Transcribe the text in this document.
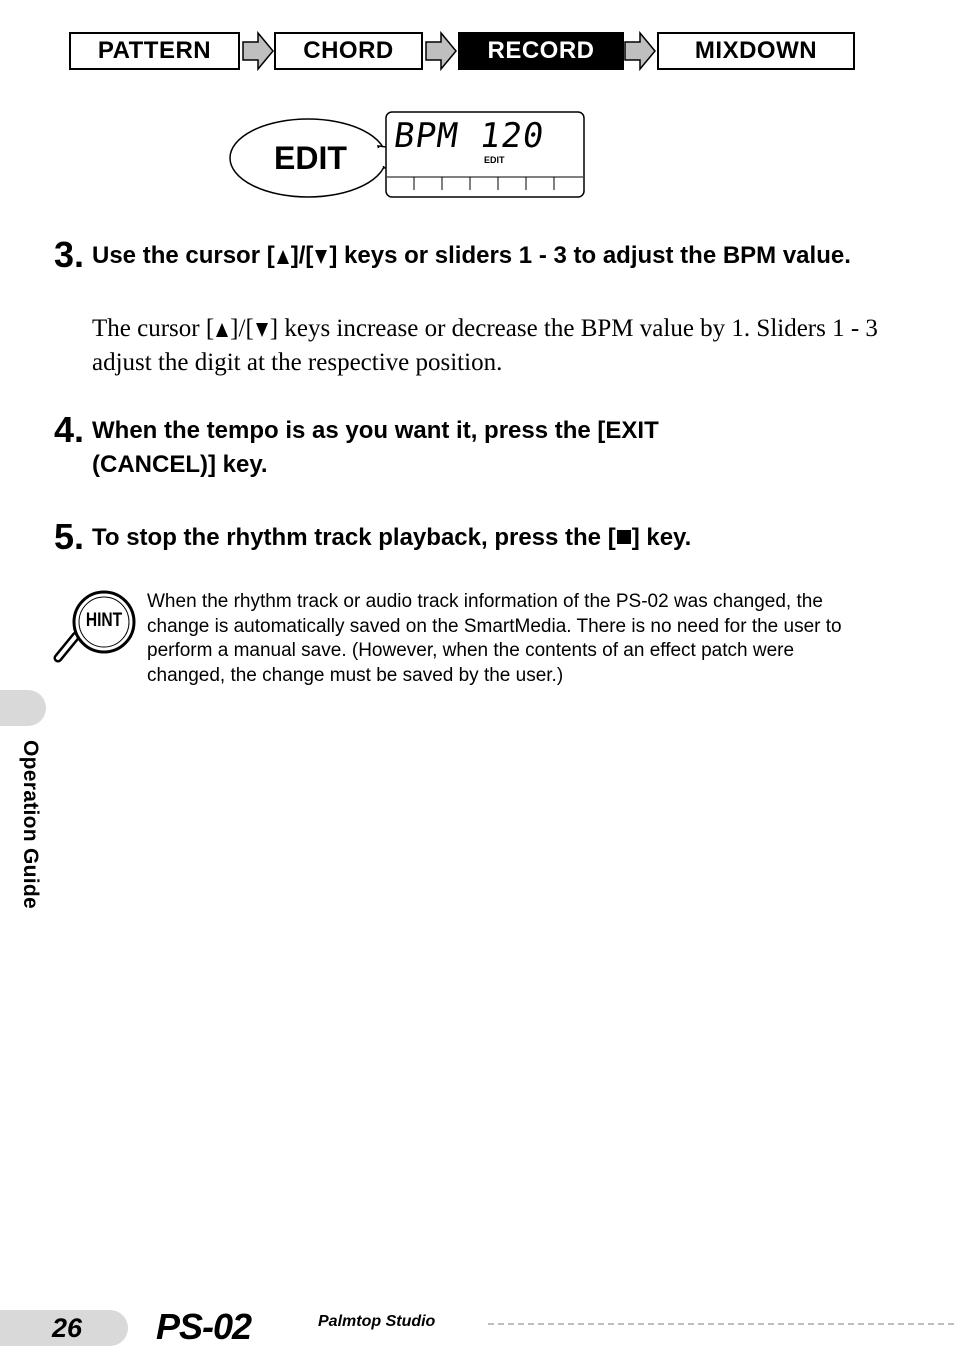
PATTERN	CHORD	RECORD	MIXDOWN
EDIT
BPM 120
EDIT
3. Use the cursor [ ]/[ ] keys or sliders 1 - 3 to adjust the BPM value.
The cursor [ ]/[ ] keys increase or decrease the BPM value by 1. Sliders 1 - 3 adjust the digit at the respective position.
4. When the tempo is as you want it, press the [EXIT (CANCEL)] key.
5. To stop the rhythm track playback, press the [ ] key.
HINT
When the rhythm track or audio track information of the PS-02 was changed, the change is automatically saved on the SmartMedia. There is no need for the user to perform a manual save. (However, when the contents of an effect patch were changed, the change must be saved by the user.)
Operation Guide
26 PS-02	Palmtop Studio
